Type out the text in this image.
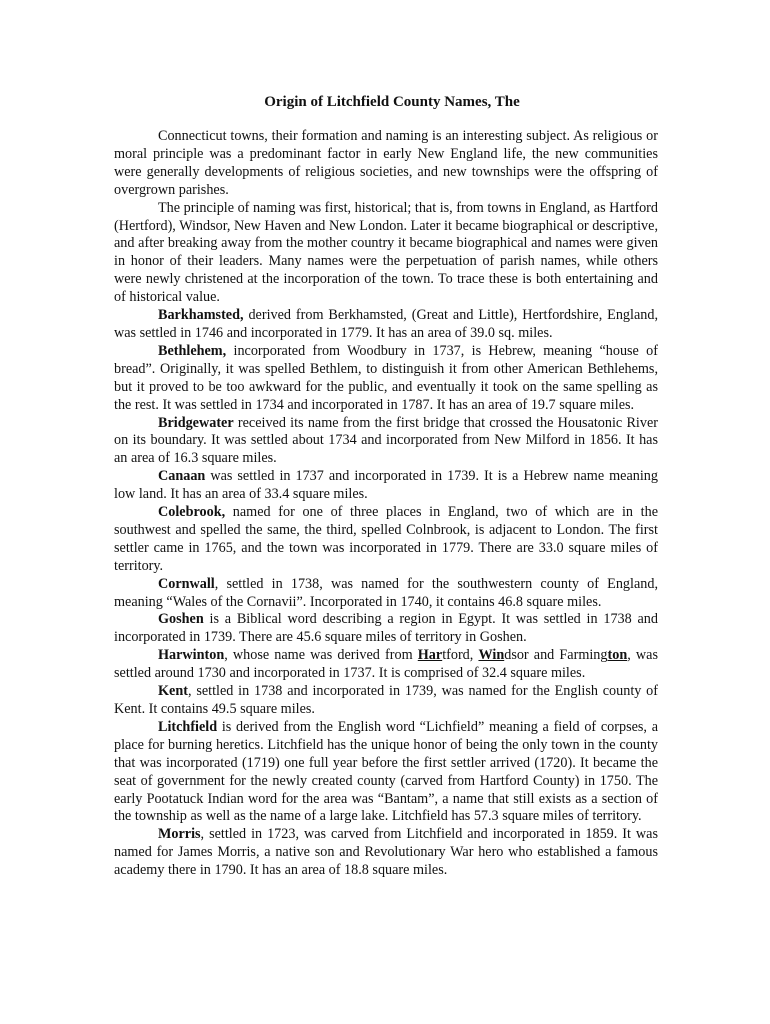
Origin of Litchfield County Names, The

Connecticut towns, their formation and naming is an interesting subject. As religious or moral principle was a predominant factor in early New England life, the new communities were generally developments of religious societies, and new townships were the offspring of overgrown parishes.

The principle of naming was first, historical; that is, from towns in England, as Hartford (Hertford), Windsor, New Haven and New London. Later it became biographical or descriptive, and after breaking away from the mother country it became biographical and names were given in honor of their leaders. Many names were the perpetuation of parish names, while others were newly christened at the incorporation of the town. To trace these is both entertaining and of historical value.

Barkhamsted, derived from Berkhamsted, (Great and Little), Hertfordshire, England, was settled in 1746 and incorporated in 1779. It has an area of 39.0 sq. miles.

Bethlehem, incorporated from Woodbury in 1737, is Hebrew, meaning “house of bread”. Originally, it was spelled Bethlem, to distinguish it from other American Bethlehems, but it proved to be too awkward for the public, and eventually it took on the same spelling as the rest. It was settled in 1734 and incorporated in 1787. It has an area of 19.7 square miles.

Bridgewater received its name from the first bridge that crossed the Housatonic River on its boundary. It was settled about 1734 and incorporated from New Milford in 1856. It has an area of 16.3 square miles.

Canaan was settled in 1737 and incorporated in 1739. It is a Hebrew name meaning low land. It has an area of 33.4 square miles.

Colebrook, named for one of three places in England, two of which are in the southwest and spelled the same, the third, spelled Colnbrook, is adjacent to London. The first settler came in 1765, and the town was incorporated in 1779. There are 33.0 square miles of territory.

Cornwall, settled in 1738, was named for the southwestern county of England, meaning “Wales of the Cornavii”. Incorporated in 1740, it contains 46.8 square miles.

Goshen is a Biblical word describing a region in Egypt. It was settled in 1738 and incorporated in 1739. There are 45.6 square miles of territory in Goshen.

Harwinton, whose name was derived from Hartford, Windsor and Farmington, was settled around 1730 and incorporated in 1737. It is comprised of 32.4 square miles.

Kent, settled in 1738 and incorporated in 1739, was named for the English county of Kent. It contains 49.5 square miles.

Litchfield is derived from the English word “Lichfield” meaning a field of corpses, a place for burning heretics. Litchfield has the unique honor of being the only town in the county that was incorporated (1719) one full year before the first settler arrived (1720). It became the seat of government for the newly created county (carved from Hartford County) in 1750. The early Pootatuck Indian word for the area was “Bantam”, a name that still exists as a section of the township as well as the name of a large lake. Litchfield has 57.3 square miles of territory.

Morris, settled in 1723, was carved from Litchfield and incorporated in 1859. It was named for James Morris, a native son and Revolutionary War hero who established a famous academy there in 1790. It has an area of 18.8 square miles.
